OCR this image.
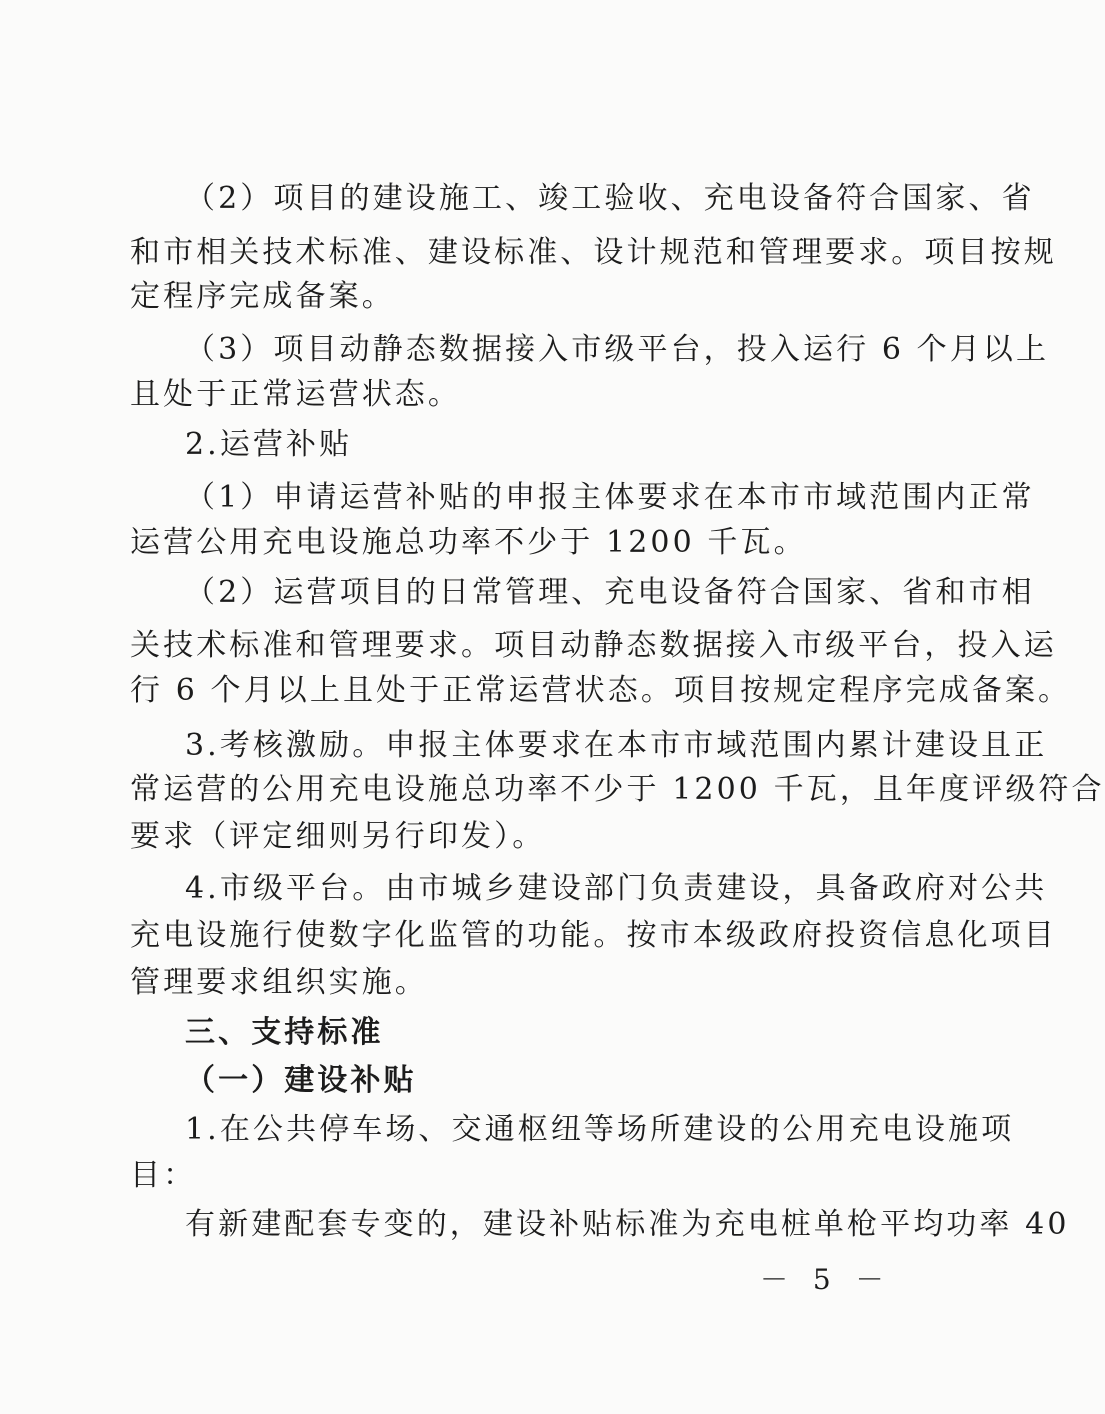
（2）项目的建设施工、竣工验收、充电设备符合国家、省
和市相关技术标准、建设标准、设计规范和管理要求。项目按规
定程序完成备案。
（3）项目动静态数据接入市级平台，投入运行 6 个月以上
且处于正常运营状态。
2.运营补贴
（1）申请运营补贴的申报主体要求在本市市域范围内正常
运营公用充电设施总功率不少于 1200 千瓦。
（2）运营项目的日常管理、充电设备符合国家、省和市相
关技术标准和管理要求。项目动静态数据接入市级平台，投入运
行 6 个月以上且处于正常运营状态。项目按规定程序完成备案。
3.考核激励。申报主体要求在本市市域范围内累计建设且正
常运营的公用充电设施总功率不少于 1200 千瓦，且年度评级符合
要求（评定细则另行印发）。
4.市级平台。由市城乡建设部门负责建设，具备政府对公共
充电设施行使数字化监管的功能。按市本级政府投资信息化项目
管理要求组织实施。
三、支持标准
（一）建设补贴
1.在公共停车场、交通枢纽等场所建设的公用充电设施项
目：
有新建配套专变的，建设补贴标准为充电桩单枪平均功率 40
－ 5 －
